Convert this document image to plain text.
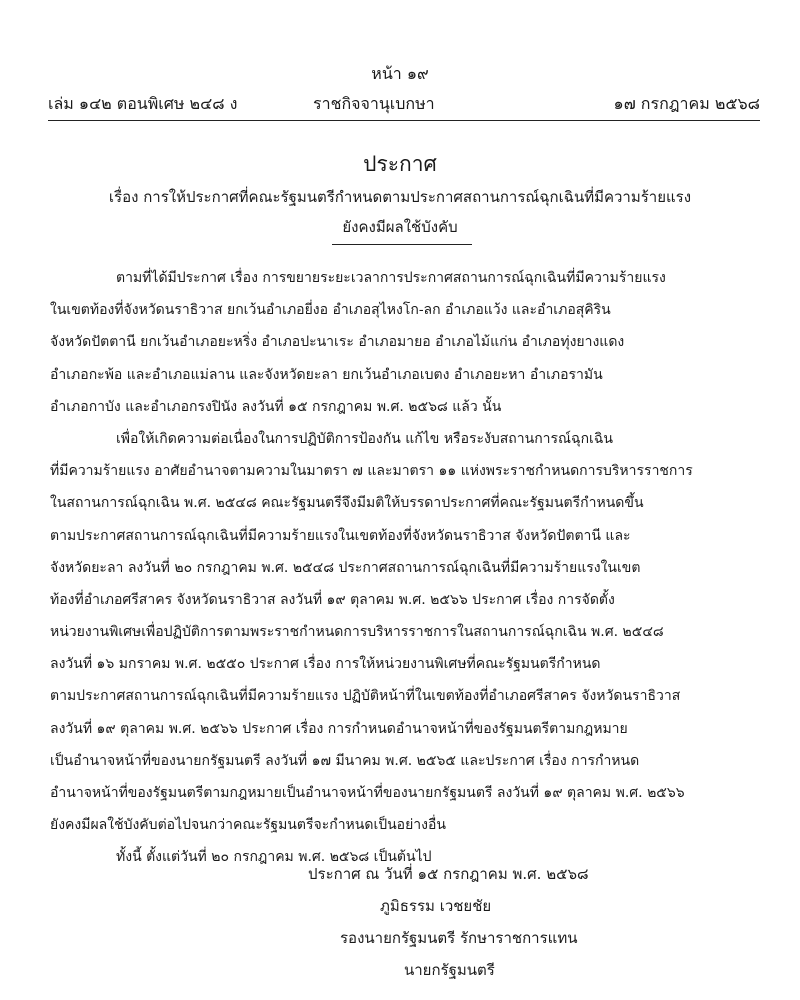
หน้า ๑๙
เล่ม ๑๔๒ ตอนพิเศษ ๒๔๘ ง	ราชกิจจานุเบกษา	๑๗ กรกฎาคม ๒๕๖๘
ประกาศ
เรื่อง การให้ประกาศที่คณะรัฐมนตรีกำหนดตามประกาศสถานการณ์ฉุกเฉินที่มีความร้ายแรง
ยังคงมีผลใช้บังคับ
ตามที่ได้มีประกาศ เรื่อง การขยายระยะเวลาการประกาศสถานการณ์ฉุกเฉินที่มีความร้ายแรง
ในเขตท้องที่จังหวัดนราธิวาส ยกเว้นอำเภอยี่งอ อำเภอสุไหงโก-ลก อำเภอแว้ง และอำเภอสุคิริน
จังหวัดปัตตานี ยกเว้นอำเภอยะหริ่ง อำเภอปะนาเระ อำเภอมายอ อำเภอไม้แก่น อำเภอทุ่งยางแดง
อำเภอกะพ้อ และอำเภอแม่ลาน และจังหวัดยะลา ยกเว้นอำเภอเบตง อำเภอยะหา อำเภอรามัน
อำเภอกาบัง และอำเภอกรงปินัง ลงวันที่ ๑๕ กรกฎาคม พ.ศ. ๒๕๖๘ แล้ว นั้น
เพื่อให้เกิดความต่อเนื่องในการปฏิบัติการป้องกัน แก้ไข หรือระงับสถานการณ์ฉุกเฉิน
ที่มีความร้ายแรง อาศัยอำนาจตามความในมาตรา ๗ และมาตรา ๑๑ แห่งพระราชกำหนดการบริหารราชการ
ในสถานการณ์ฉุกเฉิน พ.ศ. ๒๕๔๘ คณะรัฐมนตรีจึงมีมติให้บรรดาประกาศที่คณะรัฐมนตรีกำหนดขึ้น
ตามประกาศสถานการณ์ฉุกเฉินที่มีความร้ายแรงในเขตท้องที่จังหวัดนราธิวาส จังหวัดปัตตานี และ
จังหวัดยะลา ลงวันที่ ๒๐ กรกฎาคม พ.ศ. ๒๕๔๘ ประกาศสถานการณ์ฉุกเฉินที่มีความร้ายแรงในเขต
ท้องที่อำเภอศรีสาคร จังหวัดนราธิวาส ลงวันที่ ๑๙ ตุลาคม พ.ศ. ๒๕๖๖ ประกาศ เรื่อง การจัดตั้ง
หน่วยงานพิเศษเพื่อปฏิบัติการตามพระราชกำหนดการบริหารราชการในสถานการณ์ฉุกเฉิน พ.ศ. ๒๕๔๘
ลงวันที่ ๑๖ มกราคม พ.ศ. ๒๕๕๐ ประกาศ เรื่อง การให้หน่วยงานพิเศษที่คณะรัฐมนตรีกำหนด
ตามประกาศสถานการณ์ฉุกเฉินที่มีความร้ายแรง ปฏิบัติหน้าที่ในเขตท้องที่อำเภอศรีสาคร จังหวัดนราธิวาส
ลงวันที่ ๑๙ ตุลาคม พ.ศ. ๒๕๖๖ ประกาศ เรื่อง การกำหนดอำนาจหน้าที่ของรัฐมนตรีตามกฎหมาย
เป็นอำนาจหน้าที่ของนายกรัฐมนตรี ลงวันที่ ๑๗ มีนาคม พ.ศ. ๒๕๖๕ และประกาศ เรื่อง การกำหนด
อำนาจหน้าที่ของรัฐมนตรีตามกฎหมายเป็นอำนาจหน้าที่ของนายกรัฐมนตรี ลงวันที่ ๑๙ ตุลาคม พ.ศ. ๒๕๖๖
ยังคงมีผลใช้บังคับต่อไปจนกว่าคณะรัฐมนตรีจะกำหนดเป็นอย่างอื่น
ทั้งนี้ ตั้งแต่วันที่ ๒๐ กรกฎาคม พ.ศ. ๒๕๖๘ เป็นต้นไป
ประกาศ ณ วันที่ ๑๕ กรกฎาคม พ.ศ. ๒๕๖๘
ภูมิธรรม เวชยชัย
รองนายกรัฐมนตรี รักษาราชการแทน
นายกรัฐมนตรี
